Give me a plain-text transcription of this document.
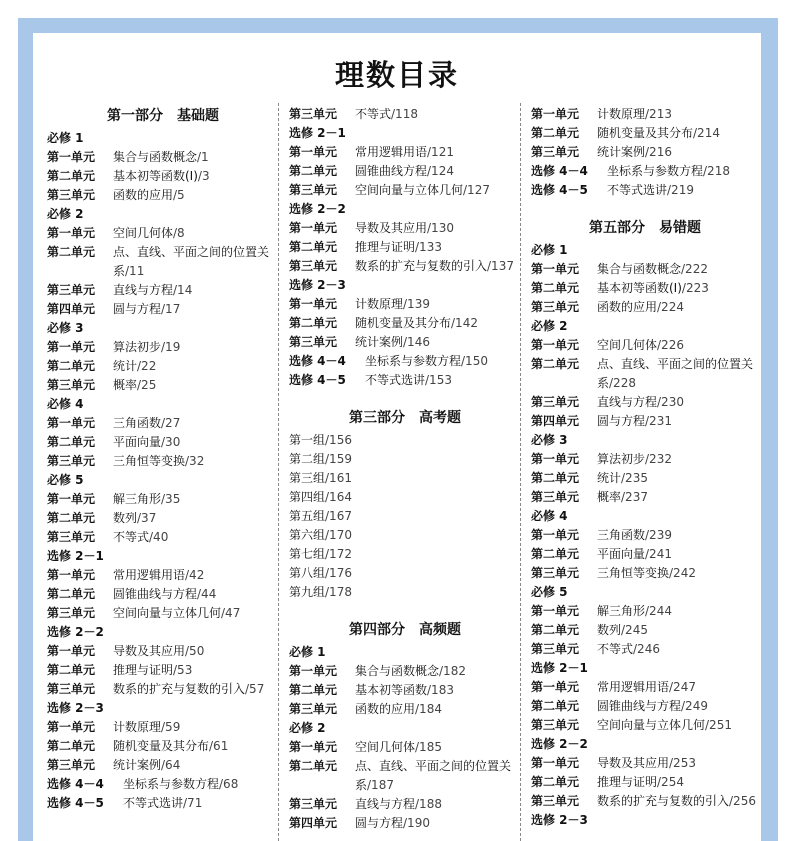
理数目录
第一部分　基础题
必修 1
第一单元	集合与函数概念/1
第二单元	基本初等函数(Ⅰ)/3
第三单元	函数的应用/5
必修 2
第一单元	空间几何体/8
第二单元	点、直线、平面之间的位置关系/11
第三单元	直线与方程/14
第四单元	圆与方程/17
必修 3
第一单元	算法初步/19
第二单元	统计/22
第三单元	概率/25
必修 4
第一单元	三角函数/27
第二单元	平面向量/30
第三单元	三角恒等变换/32
必修 5
第一单元	解三角形/35
第二单元	数列/37
第三单元	不等式/40
选修 2－1
第一单元	常用逻辑用语/42
第二单元	圆锥曲线与方程/44
第三单元	空间向量与立体几何/47
选修 2－2
第一单元	导数及其应用/50
第二单元	推理与证明/53
第三单元	数系的扩充与复数的引入/57
选修 2－3
第一单元	计数原理/59
第二单元	随机变量及其分布/61
第三单元	统计案例/64
选修 4－4	坐标系与参数方程/68
选修 4－5	不等式选讲/71
第三单元	不等式/118
选修 2－1
第一单元	常用逻辑用语/121
第二单元	圆锥曲线方程/124
第三单元	空间向量与立体几何/127
选修 2－2
第一单元	导数及其应用/130
第二单元	推理与证明/133
第三单元	数系的扩充与复数的引入/137
选修 2－3
第一单元	计数原理/139
第二单元	随机变量及其分布/142
第三单元	统计案例/146
选修 4－4	坐标系与参数方程/150
选修 4－5	不等式选讲/153
第三部分　高考题
第一组/156
第二组/159
第三组/161
第四组/164
第五组/167
第六组/170
第七组/172
第八组/176
第九组/178
第四部分　高频题
必修 1
第一单元	集合与函数概念/182
第二单元	基本初等函数/183
第三单元	函数的应用/184
必修 2
第一单元	空间几何体/185
第二单元	点、直线、平面之间的位置关系/187
第三单元	直线与方程/188
第四单元	圆与方程/190
第一单元	计数原理/213
第二单元	随机变量及其分布/214
第三单元	统计案例/216
选修 4－4	坐标系与参数方程/218
选修 4－5	不等式选讲/219
第五部分　易错题
必修 1
第一单元	集合与函数概念/222
第二单元	基本初等函数(Ⅰ)/223
第三单元	函数的应用/224
必修 2
第一单元	空间几何体/226
第二单元	点、直线、平面之间的位置关系/228
第三单元	直线与方程/230
第四单元	圆与方程/231
必修 3
第一单元	算法初步/232
第二单元	统计/235
第三单元	概率/237
必修 4
第一单元	三角函数/239
第二单元	平面向量/241
第三单元	三角恒等变换/242
必修 5
第一单元	解三角形/244
第二单元	数列/245
第三单元	不等式/246
选修 2－1
第一单元	常用逻辑用语/247
第二单元	圆锥曲线与方程/249
第三单元	空间向量与立体几何/251
选修 2－2
第一单元	导数及其应用/253
第二单元	推理与证明/254
第三单元	数系的扩充与复数的引入/256
选修 2－3
